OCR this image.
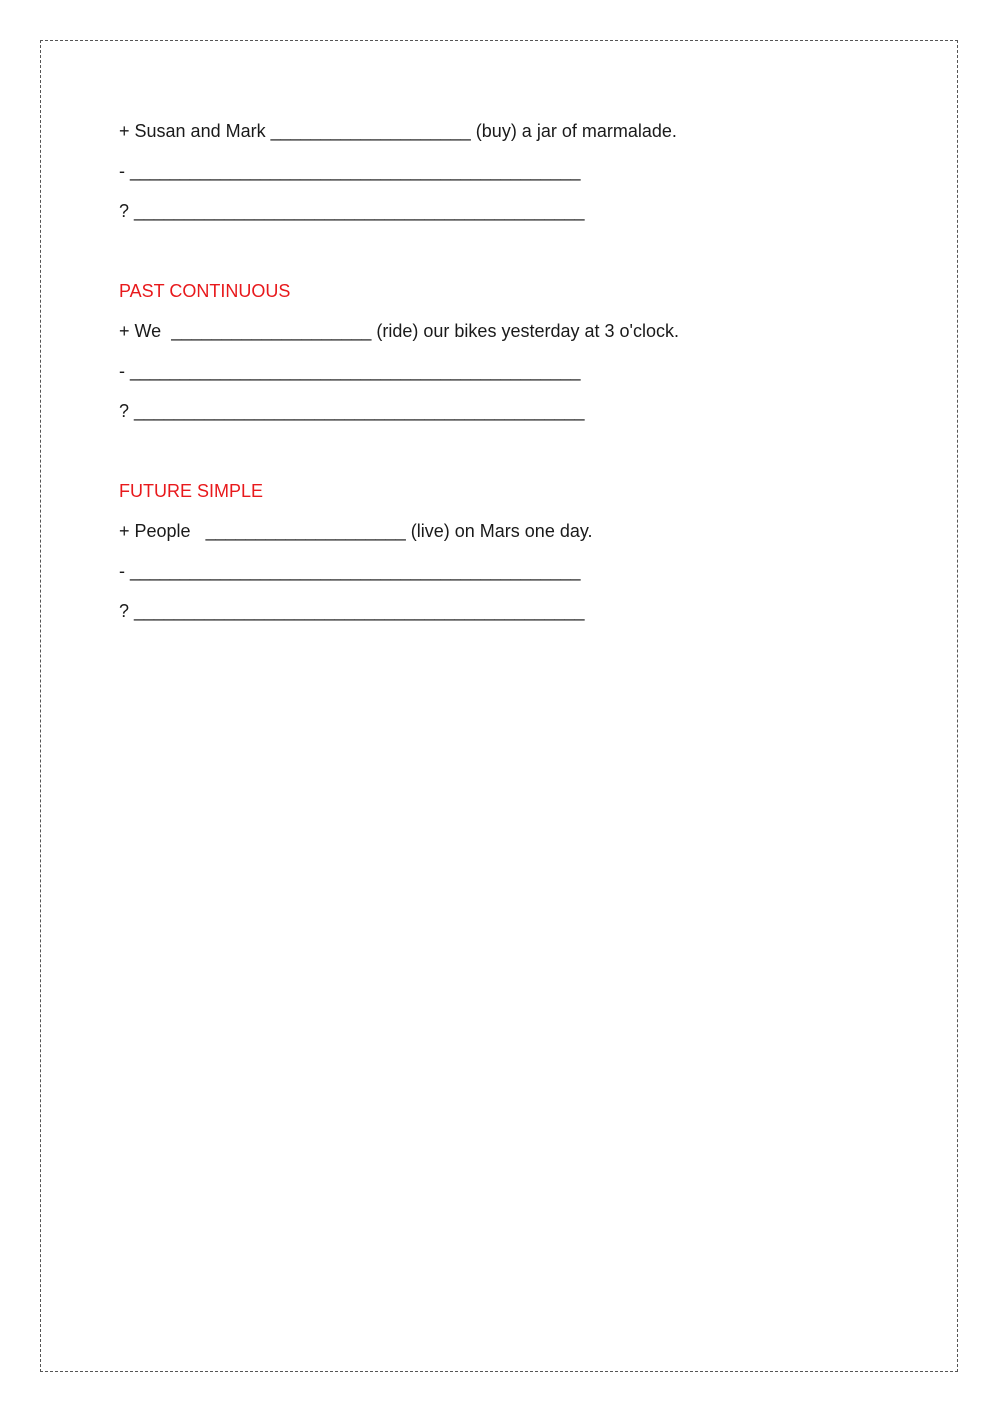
+ Susan and Mark ____________________ (buy) a jar of marmalade.
- _____________________________________________
? _____________________________________________
PAST CONTINUOUS
+ We  ____________________ (ride) our bikes yesterday at 3 o'clock.
- _____________________________________________
? _____________________________________________
FUTURE SIMPLE
+ People   ____________________ (live) on Mars one day.
- _____________________________________________
? _____________________________________________
